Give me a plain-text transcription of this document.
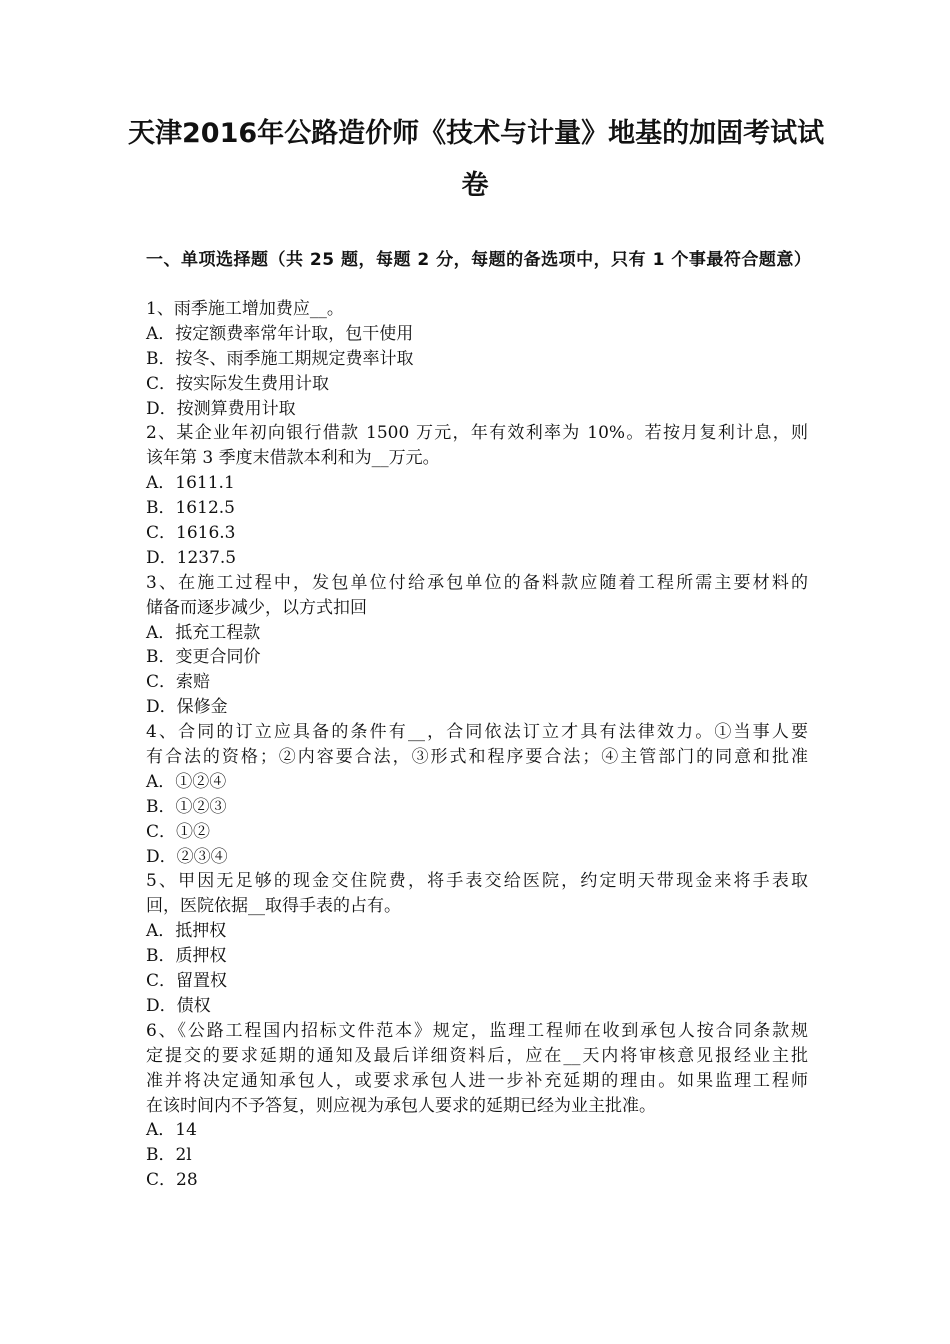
天津2016年公路造价师《技术与计量》地基的加固考试试
卷
一、单项选择题（共 25 题，每题 2 分，每题的备选项中，只有 1 个事最符合题意）
1、雨季施工增加费应__。
A．按定额费率常年计取，包干使用
B．按冬、雨季施工期规定费率计取
C．按实际发生费用计取
D．按测算费用计取
2、某企业年初向银行借款 1500 万元，年有效利率为 10%。若按月复利计息，则
该年第 3 季度末借款本利和为__万元。
A．1611.1
B．1612.5
C．1616.3
D．1237.5
3、在施工过程中，发包单位付给承包单位的备料款应随着工程所需主要材料的
储备而逐步减少，以方式扣回
A．抵充工程款
B．变更合同价
C．索赔
D．保修金
4、合同的订立应具备的条件有__，合同依法订立才具有法律效力。①当事人要
有合法的资格；②内容要合法，③形式和程序要合法；④主管部门的同意和批准
A．①②④
B．①②③
C．①②
D．②③④
5、甲因无足够的现金交住院费，将手表交给医院，约定明天带现金来将手表取
回，医院依据__取得手表的占有。
A．抵押权
B．质押权
C．留置权
D．债权
6、《公路工程国内招标文件范本》规定，监理工程师在收到承包人按合同条款规
定提交的要求延期的通知及最后详细资料后，应在__天内将审核意见报经业主批
准并将决定通知承包人，或要求承包人进一步补充延期的理由。如果监理工程师
在该时间内不予答复，则应视为承包人要求的延期已经为业主批准。
A．14
B．2l
C．28
